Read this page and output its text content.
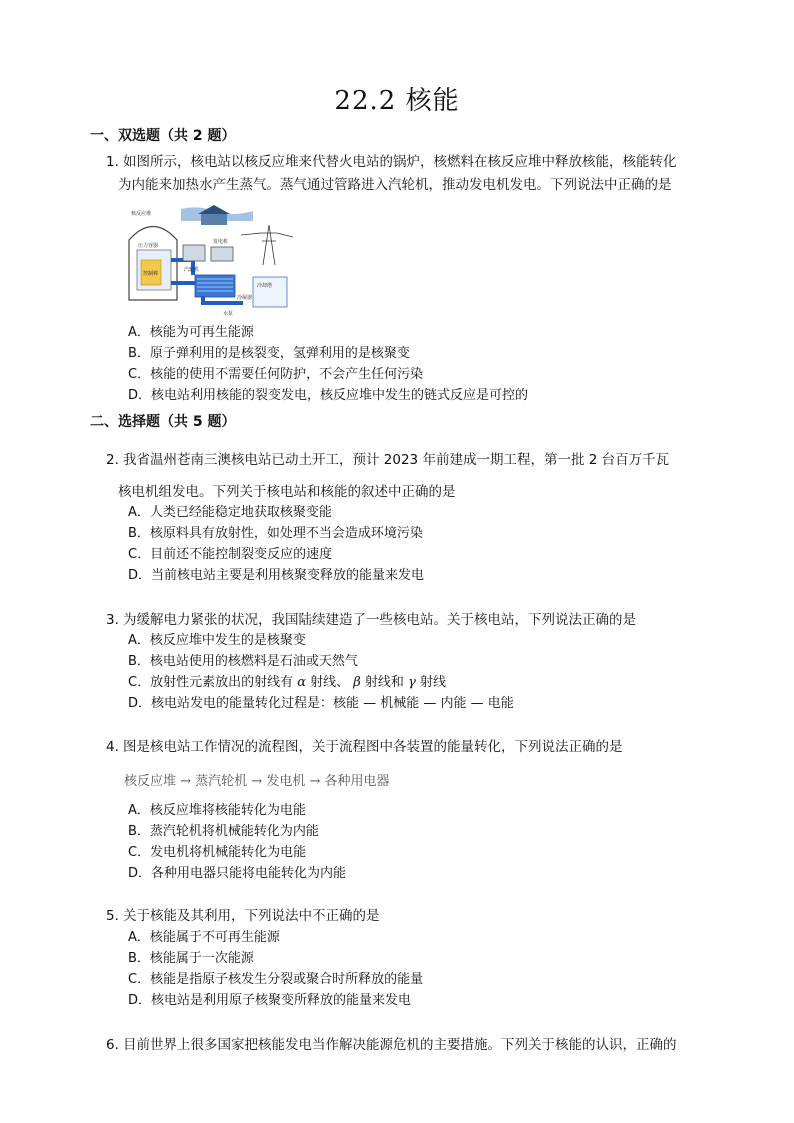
22.2 核能
一、双选题（共 2 题）
1. 如图所示，核电站以核反应堆来代替火电站的锅炉，核燃料在核反应堆中释放核能，核能转化
为内能来加热水产生蒸气。蒸气通过管路进入汽轮机，推动发电机发电。下列说法中正确的是
核反应堆
压力容器
控制棒
发电机
汽轮机
冷凝器
冷却塔
水泵
A．核能为可再生能源
B．原子弹利用的是核裂变，氢弹利用的是核聚变
C．核能的使用不需要任何防护，不会产生任何污染
D．核电站利用核能的裂变发电，核反应堆中发生的链式反应是可控的
二、选择题（共 5 题）
2. 我省温州苍南三澳核电站已动土开工，预计 2023 年前建成一期工程，第一批 2 台百万千瓦
核电机组发电。下列关于核电站和核能的叙述中正确的是
A．人类已经能稳定地获取核聚变能
B．核原料具有放射性，如处理不当会造成环境污染
C．目前还不能控制裂变反应的速度
D．当前核电站主要是利用核聚变释放的能量来发电
3. 为缓解电力紧张的状况，我国陆续建造了一些核电站。关于核电站，下列说法正确的是
A．核反应堆中发生的是核聚变
B．核电站使用的核燃料是石油或天然气
C．放射性元素放出的射线有 α 射线、 β 射线和 γ 射线
D．核电站发电的能量转化过程是：核能 — 机械能 — 内能 — 电能
4. 图是核电站工作情况的流程图，关于流程图中各装置的能量转化，下列说法正确的是
核反应堆 → 蒸汽轮机 → 发电机 → 各种用电器
A．核反应堆将核能转化为电能
B．蒸汽轮机将机械能转化为内能
C．发电机将机械能转化为电能
D．各种用电器只能将电能转化为内能
5. 关于核能及其利用，下列说法中不正确的是
A．核能属于不可再生能源
B．核能属于一次能源
C．核能是指原子核发生分裂或聚合时所释放的能量
D．核电站是利用原子核聚变所释放的能量来发电
6. 目前世界上很多国家把核能发电当作解决能源危机的主要措施。下列关于核能的认识，正确的
